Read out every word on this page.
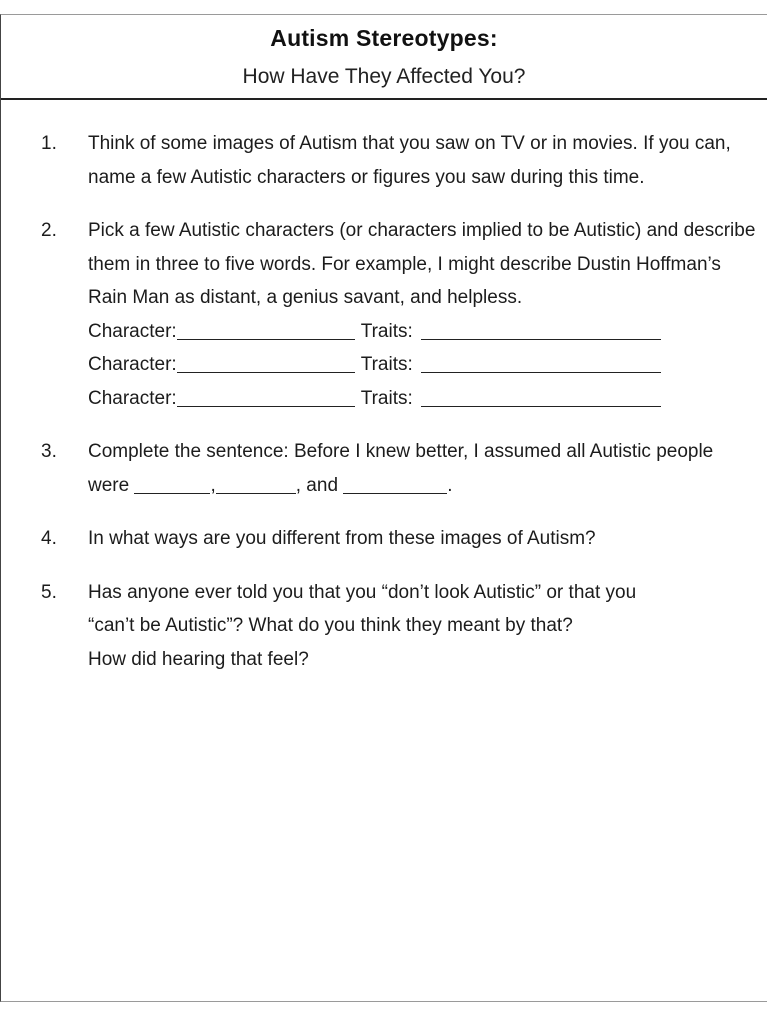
Autism Stereotypes:
How Have They Affected You?
1. Think of some images of Autism that you saw on TV or in movies. If you can, name a few Autistic characters or figures you saw during this time.
2. Pick a few Autistic characters (or characters implied to be Autistic) and describe them in three to five words. For example, I might describe Dustin Hoffman’s Rain Man as distant, a genius savant, and helpless.
Character:	Traits:
Character:	Traits:
Character:	Traits:
3. Complete the sentence: Before I knew better, I assumed all Autistic people were	,	, and	.
4. In what ways are you different from these images of Autism?
5. Has anyone ever told you that you “don’t look Autistic” or that you
“can’t be Autistic”? What do you think they meant by that?
How did hearing that feel?
